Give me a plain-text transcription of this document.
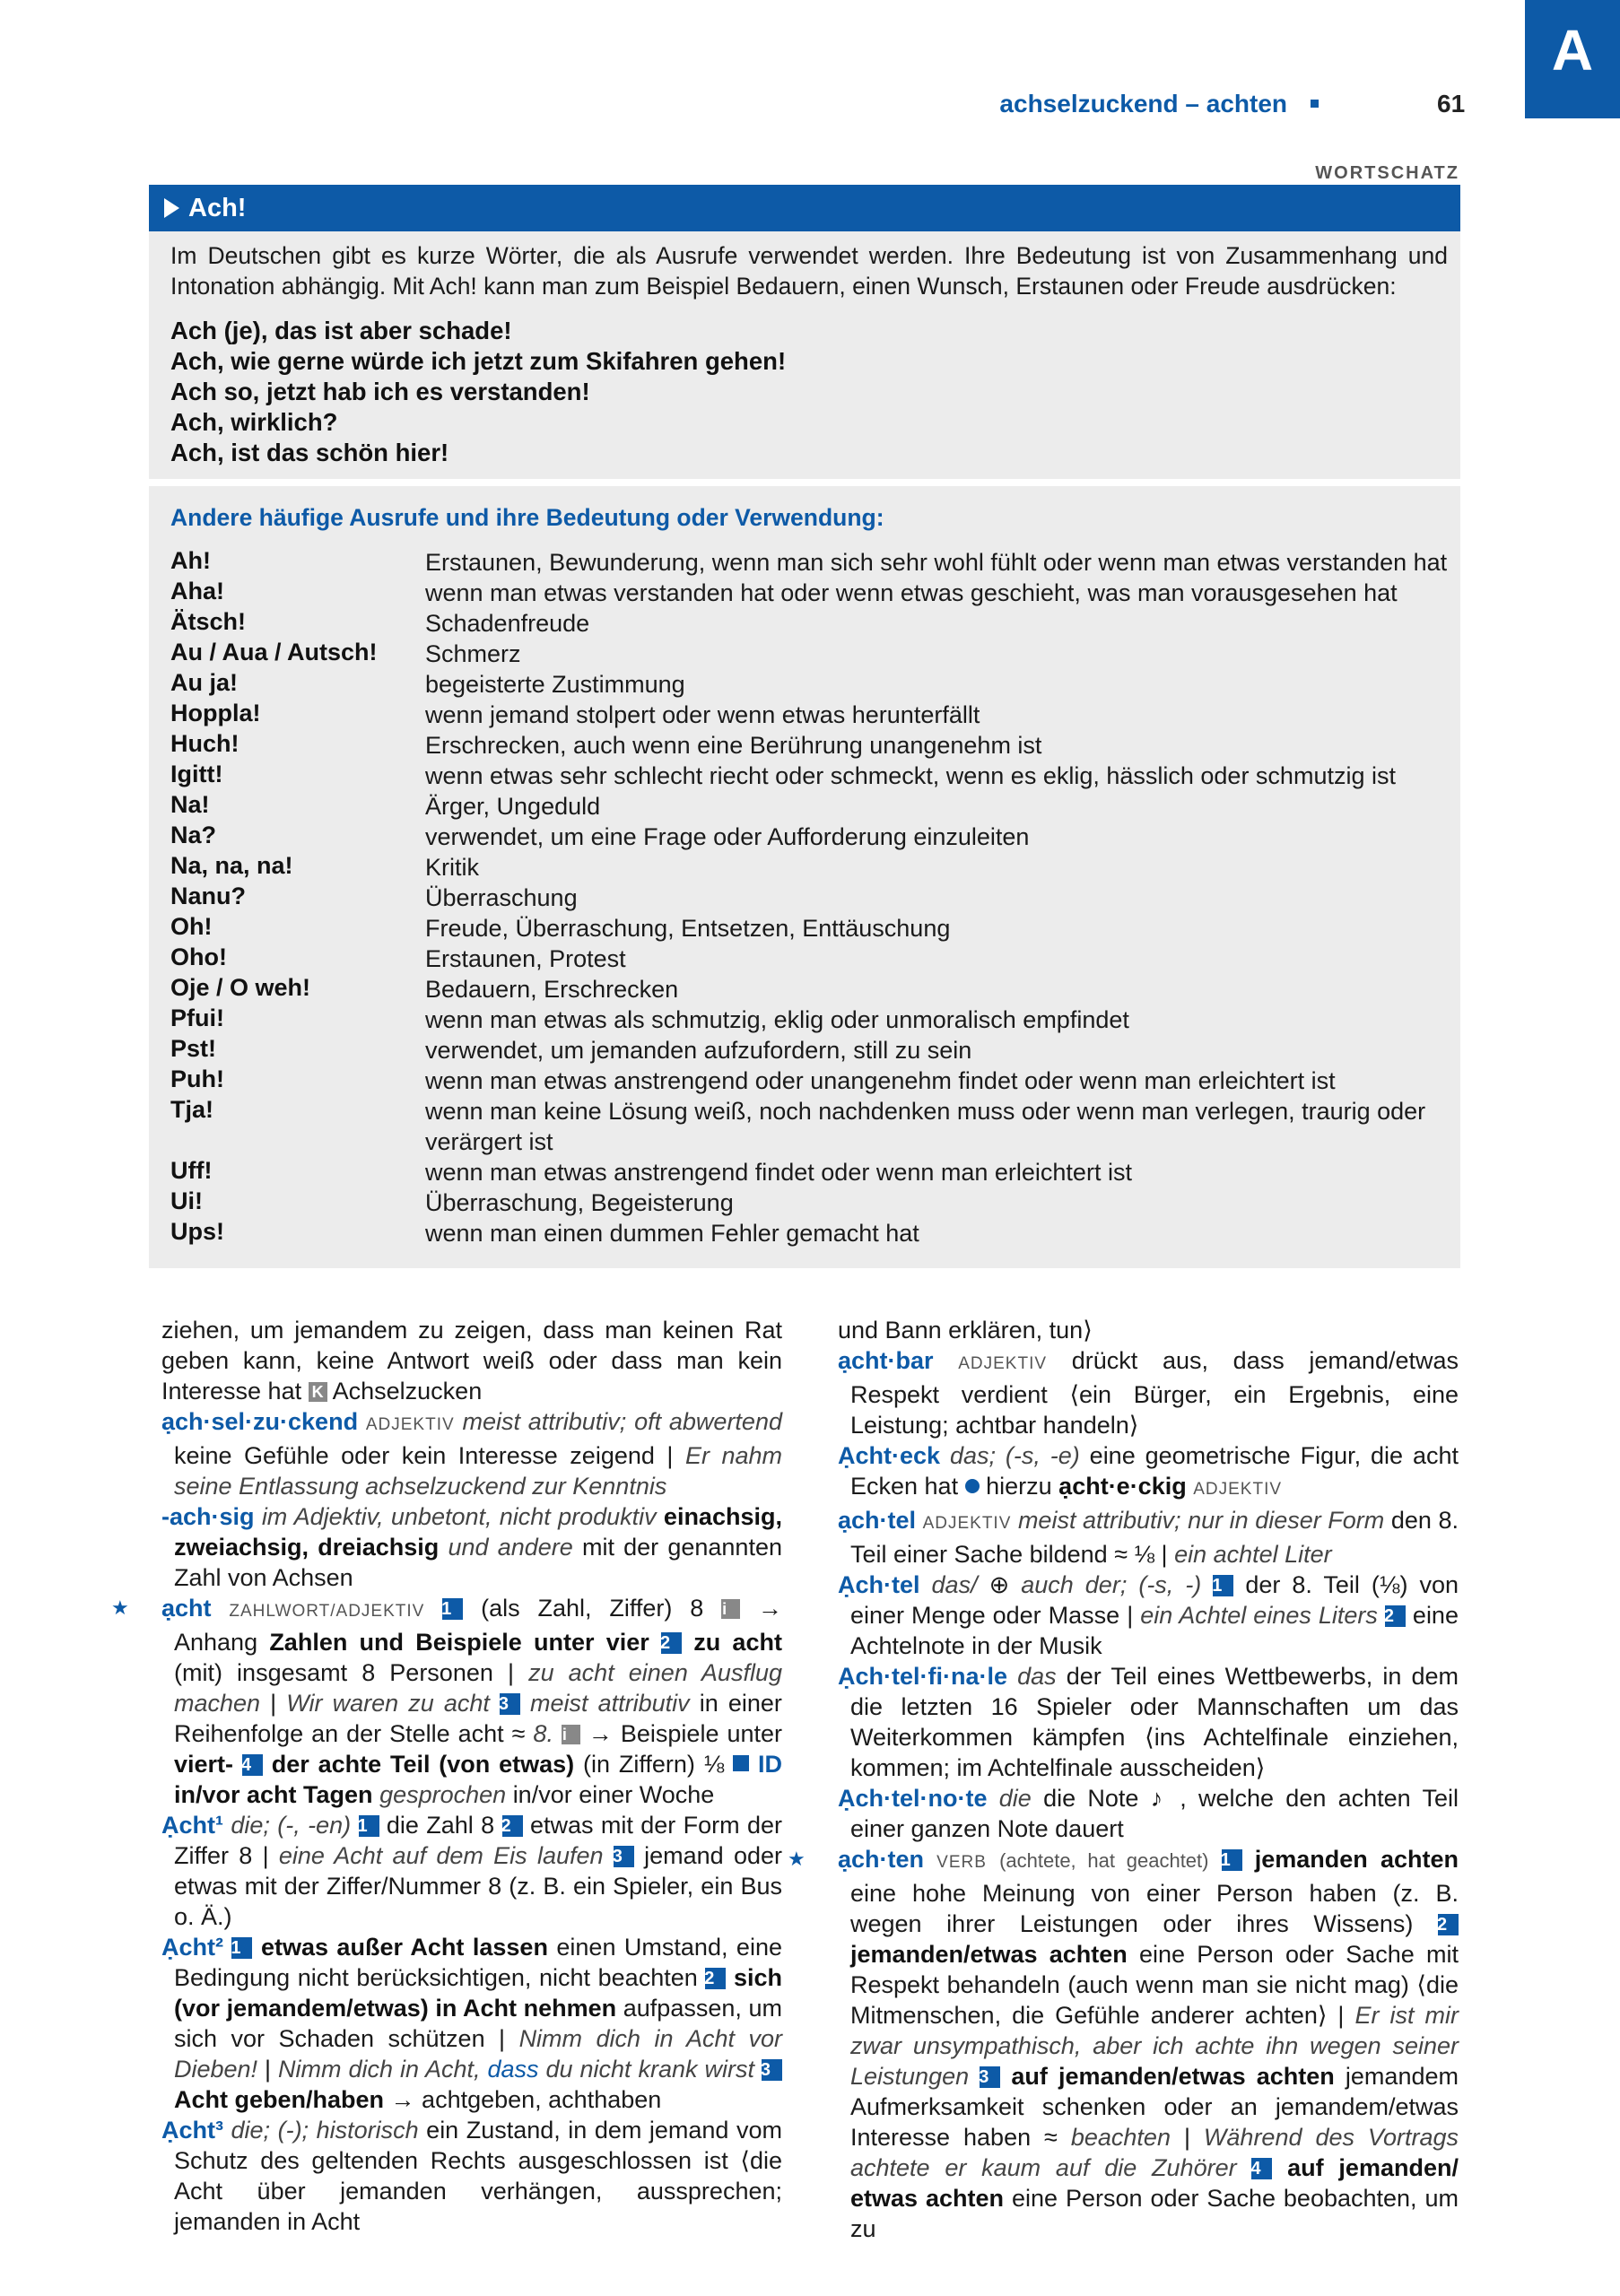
achselzuckend – achten	61
A
WORTSCHATZ
Ach!
Im Deutschen gibt es kurze Wörter, die als Ausrufe verwendet werden. Ihre Bedeutung ist von Zusammenhang und Intonation abhängig. Mit Ach! kann man zum Beispiel Bedauern, einen Wunsch, Erstaunen oder Freude ausdrücken:
Ach (je), das ist aber schade!
Ach, wie gerne würde ich jetzt zum Skifahren gehen!
Ach so, jetzt hab ich es verstanden!
Ach, wirklich?
Ach, ist das schön hier!
Andere häufige Ausrufe und ihre Bedeutung oder Verwendung:
Ah!	Erstaunen, Bewunderung, wenn man sich sehr wohl fühlt oder wenn man etwas verstanden hat
Aha!	wenn man etwas verstanden hat oder wenn etwas geschieht, was man vorausgesehen hat
Ätsch!	Schadenfreude
Au / Aua / Autsch! Schmerz
Au ja!	begeisterte Zustimmung
Hoppla!	wenn jemand stolpert oder wenn etwas herunterfällt
Huch!	Erschrecken, auch wenn eine Berührung unangenehm ist
Igitt!	wenn etwas sehr schlecht riecht oder schmeckt, wenn es eklig, hässlich oder schmutzig ist
Na!	Ärger, Ungeduld
Na?	verwendet, um eine Frage oder Aufforderung einzuleiten
Na, na, na!	Kritik
Nanu?	Überraschung
Oh!	Freude, Überraschung, Entsetzen, Enttäuschung
Oho!	Erstaunen, Protest
Oje / O weh!	Bedauern, Erschrecken
Pfui!	wenn man etwas als schmutzig, eklig oder unmoralisch empfindet
Pst!	verwendet, um jemanden aufzufordern, still zu sein
Puh!	wenn man etwas anstrengend oder unangenehm findet oder wenn man erleichtert ist
Tja!	wenn man keine Lösung weiß, noch nachdenken muss oder wenn man verlegen, traurig oder verärgert ist
Uff!	wenn man etwas anstrengend findet oder wenn man erleichtert ist
Ui!	Überraschung, Begeisterung
Ups!	wenn man einen dummen Fehler gemacht hat

ziehen, um jemandem zu zeigen, dass man keinen Rat geben kann, keine Antwort weiß oder dass man kein Interesse hat K Achselzucken

ạch·sel·zu·ckend ADJEKTIV meist attributiv; oft abwertend keine Gefühle oder kein Interesse zeigend | Er nahm seine Entlassung achselzuckend zur Kenntnis

-ach·sig im Adjektiv, unbetont, nicht produktiv einachsig, zweiachsig, dreiachsig und andere mit der genannten Zahl von Achsen

★ ạcht ZAHLWORT/ADJEKTIV 1 (als Zahl, Ziffer) 8 i → Anhang Zahlen und Beispiele unter vier 2 zu acht (mit) insgesamt 8 Personen | zu acht einen Ausflug machen | Wir waren zu acht 3 meist attributiv in einer Reihenfolge an der Stelle acht ≈ 8. i → Beispiele unter viert- 4 der achte Teil (von etwas) (in Ziffern) ⅛ ID in/vor acht Tagen gesprochen in/vor einer Woche

Ạcht¹ die; (-, -en) 1 die Zahl 8 2 etwas mit der Form der Ziffer 8 | eine Acht auf dem Eis laufen 3 jemand oder etwas mit der Ziffer/Nummer 8 (z. B. ein Spieler, ein Bus o. Ä.)

Ạcht² 1 etwas außer Acht lassen einen Umstand, eine Bedingung nicht berücksichtigen, nicht beachten 2 sich (vor jemandem/etwas) in Acht nehmen aufpassen, um sich vor Schaden schützen | Nimm dich in Acht vor Dieben! | Nimm dich in Acht, dass du nicht krank wirst 3 Acht geben/haben → achtgeben, achthaben

Ạcht³ die; (-); historisch ein Zustand, in dem jemand vom Schutz des geltenden Rechts ausgeschlossen ist ⟨die Acht über jemanden verhängen, aussprechen; jemanden in Acht

und Bann erklären, tun⟩

ạcht·bar ADJEKTIV drückt aus, dass jemand/etwas Respekt verdient ⟨ein Bürger, ein Ergebnis, eine Leistung; achtbar handeln⟩

Ạcht·eck das; (-s, -e) eine geometrische Figur, die acht Ecken hat hierzu ạcht·e·ckig ADJEKTIV

ạch·tel ADJEKTIV meist attributiv; nur in dieser Form den 8. Teil einer Sache bildend ≈ ⅛ | ein achtel Liter

Ạch·tel das/ ⊕ auch der; (-s, -) 1 der 8. Teil (⅛) von einer Menge oder Masse | ein Achtel eines Liters 2 eine Achtelnote in der Musik

Ạch·tel·fi·na·le das der Teil eines Wettbewerbs, in dem die letzten 16 Spieler oder Mannschaften um das Weiterkommen kämpfen ⟨ins Achtelfinale einziehen, kommen; im Achtelfinale ausscheiden⟩

Ạch·tel·no·te die die Note ♪ , welche den achten Teil einer ganzen Note dauert

★ ạch·ten VERB (achtete, hat geachtet) 1 jemanden achten eine hohe Meinung von einer Person haben (z. B. wegen ihrer Leistungen oder ihres Wissens) 2 jemanden/etwas achten eine Person oder Sache mit Respekt behandeln (auch wenn man sie nicht mag) ⟨die Mitmenschen, die Gefühle anderer achten⟩ | Er ist mir zwar unsympathisch, aber ich achte ihn wegen seiner Leistungen 3 auf jemanden/etwas achten jemandem Aufmerksamkeit schenken oder an jemandem/etwas Interesse haben ≈ beachten | Während des Vortrags achtete er kaum auf die Zuhörer 4 auf jemanden/ etwas achten eine Person oder Sache beobachten, um zu
